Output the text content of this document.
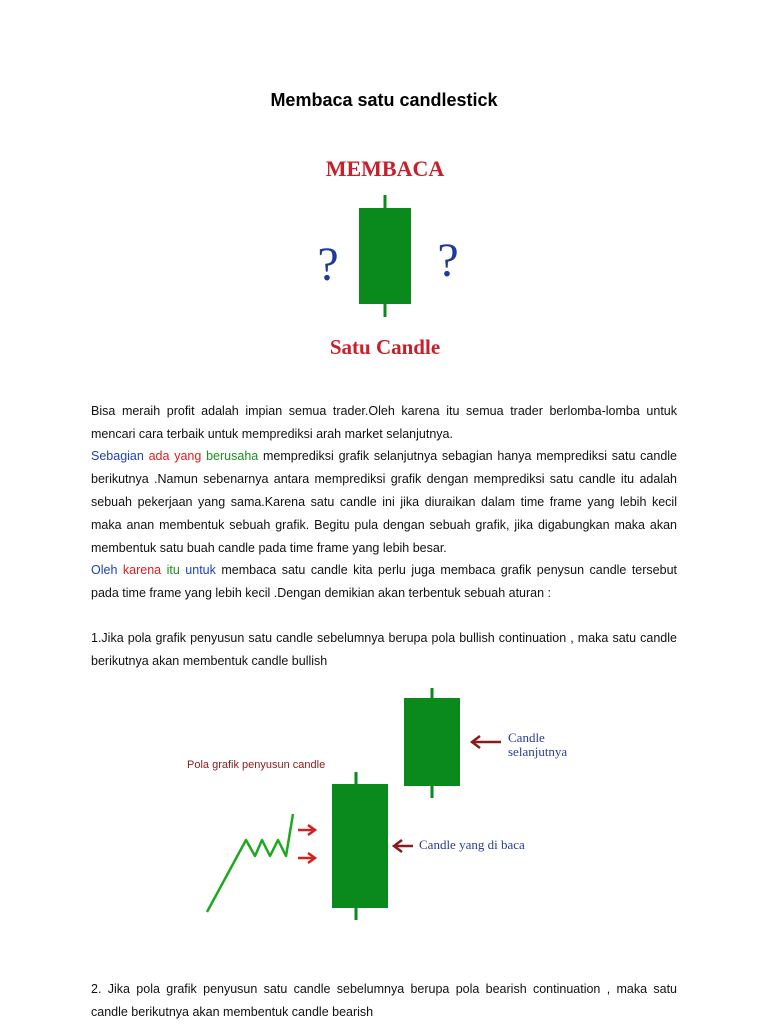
Membaca satu candlestick
MEMBACA
? ?
Satu Candle
Bisa meraih profit adalah impian semua trader.Oleh karena itu semua trader berlomba-lomba untuk mencari cara terbaik untuk memprediksi arah market selanjutnya.
Sebagian ada yang berusaha memprediksi grafik selanjutnya sebagian hanya memprediksi satu candle berikutnya .Namun sebenarnya antara memprediksi grafik dengan memprediksi satu candle itu adalah sebuah pekerjaan yang sama.Karena satu candle ini jika diuraikan dalam time frame yang lebih kecil maka anan membentuk sebuah grafik. Begitu pula dengan sebuah grafik, jika digabungkan maka akan membentuk satu buah candle pada time frame yang lebih besar.
Oleh karena itu untuk membaca satu candle kita perlu juga membaca grafik penysun candle tersebut pada time frame yang lebih kecil .Dengan demikian akan terbentuk sebuah aturan :
1.Jika pola grafik penyusun satu candle sebelumnya berupa pola bullish continuation , maka satu candle berikutnya akan membentuk candle bullish
Pola grafik penyusun candle
Candle
selanjutnya
Candle yang di baca
2. Jika pola grafik penyusun satu candle sebelumnya berupa pola bearish continuation , maka satu candle berikutnya akan membentuk candle bearish
